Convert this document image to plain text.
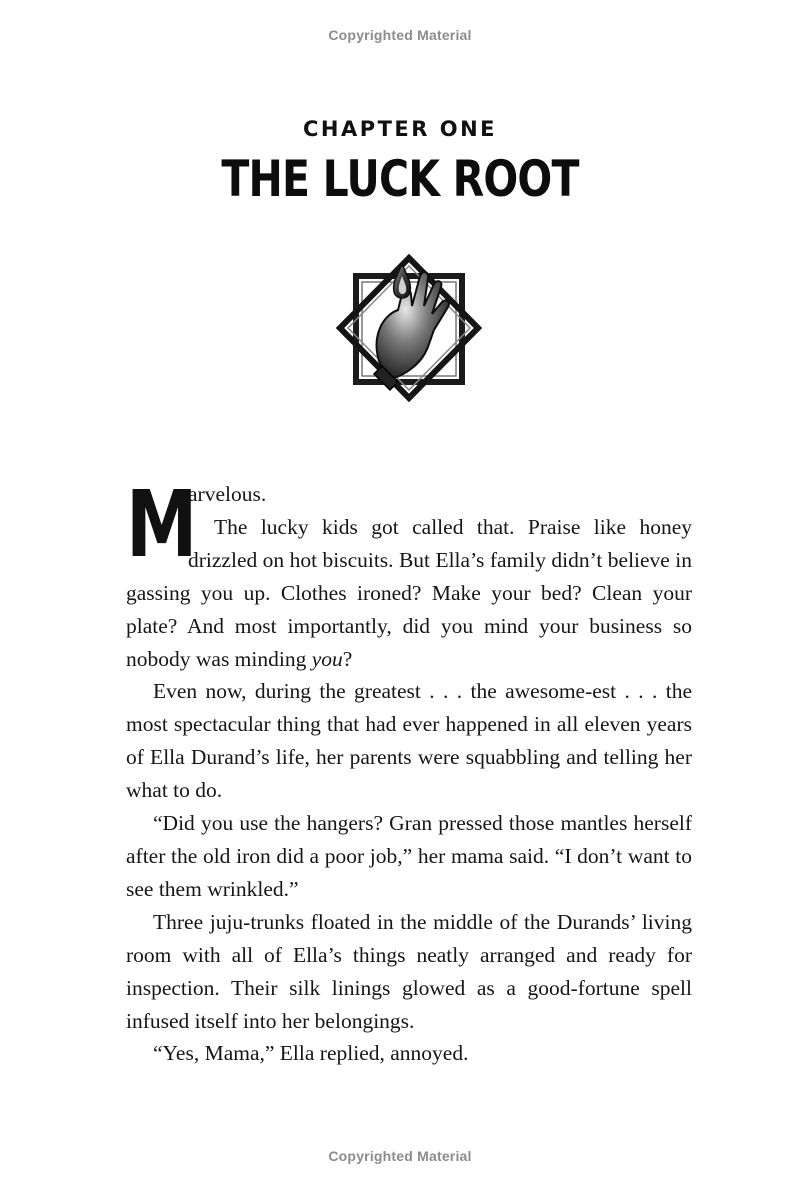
Copyrighted Material
CHAPTER ONE
THE LUCK ROOT

M
arvelous.
The lucky kids got called that. Praise like honey drizzled on hot biscuits. But Ella’s family didn’t believe in gassing you up. Clothes ironed? Make your bed? Clean your plate? And most importantly, did you mind your business so nobody was minding you?

Even now, during the greatest . . . the awesome-est . . . the most spectacular thing that had ever happened in all eleven years of Ella Durand’s life, her parents were squabbling and telling her what to do.

“Did you use the hangers? Gran pressed those mantles herself after the old iron did a poor job,” her mama said. “I don’t want to see them wrinkled.”

Three juju-trunks floated in the middle of the Durands’ living room with all of Ella’s things neatly arranged and ready for inspection. Their silk linings glowed as a good-fortune spell infused itself into her belongings.

“Yes, Mama,” Ella replied, annoyed.

Copyrighted Material
